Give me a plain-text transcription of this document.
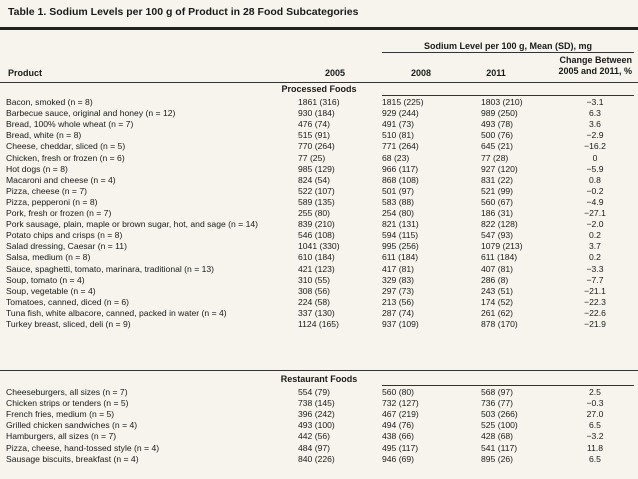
Table 1. Sodium Levels per 100 g of Product in 28 Food Subcategories
Sodium Level per 100 g, Mean (SD), mg
Product	2005	2008	2011
Change Between
2005 and 2011, %
Processed Foods
Bacon, smoked (n = 8)	1861 (316)	1815 (225)	1803 (210)	−3.1
Barbecue sauce, original and honey (n = 12)	930 (184)	929 (244)	989 (250)	6.3
Bread, 100% whole wheat (n = 7)	476 (74)	491 (73)	493 (78)	3.6
Bread, white (n = 8)	515 (91)	510 (81)	500 (76)	−2.9
Cheese, cheddar, sliced (n = 5)	770 (264)	771 (264)	645 (21)	−16.2
Chicken, fresh or frozen (n = 6)	77 (25)	68 (23)	77 (28)	0
Hot dogs (n = 8)	985 (129)	966 (117)	927 (120)	−5.9
Macaroni and cheese (n = 4)	824 (54)	868 (108)	831 (22)	0.8
Pizza, cheese (n = 7)	522 (107)	501 (97)	521 (99)	−0.2
Pizza, pepperoni (n = 8)	589 (135)	583 (88)	560 (67)	−4.9
Pork, fresh or frozen (n = 7)	255 (80)	254 (80)	186 (31)	−27.1
Pork sausage, plain, maple or brown sugar, hot, and sage (n = 14)	839 (210)	821 (131)	822 (128)	−2.0
Potato chips and crisps (n = 8)	546 (108)	594 (115)	547 (93)	0.2
Salad dressing, Caesar (n = 11)	1041 (330)	995 (256)	1079 (213)	3.7
Salsa, medium (n = 8)	610 (184)	611 (184)	611 (184)	0.2
Sauce, spaghetti, tomato, marinara, traditional (n = 13)	421 (123)	417 (81)	407 (81)	−3.3
Soup, tomato (n = 4)	310 (55)	329 (83)	286 (8)	−7.7
Soup, vegetable (n = 4)	308 (56)	297 (73)	243 (51)	−21.1
Tomatoes, canned, diced (n = 6)	224 (58)	213 (56)	174 (52)	−22.3
Tuna fish, white albacore, canned, packed in water (n = 4)	337 (130)	287 (74)	261 (62)	−22.6
Turkey breast, sliced, deli (n = 9)	1124 (165)	937 (109)	878 (170)	−21.9
Restaurant Foods
Cheeseburgers, all sizes (n = 7)	554 (79)	560 (80)	568 (97)	2.5
Chicken strips or tenders (n = 5)	738 (145)	732 (127)	736 (77)	−0.3
French fries, medium (n = 5)	396 (242)	467 (219)	503 (266)	27.0
Grilled chicken sandwiches (n = 4)	493 (100)	494 (76)	525 (100)	6.5
Hamburgers, all sizes (n = 7)	442 (56)	438 (66)	428 (68)	−3.2
Pizza, cheese, hand-tossed style (n = 4)	484 (97)	495 (117)	541 (117)	11.8
Sausage biscuits, breakfast (n = 4)	840 (226)	946 (69)	895 (26)	6.5
